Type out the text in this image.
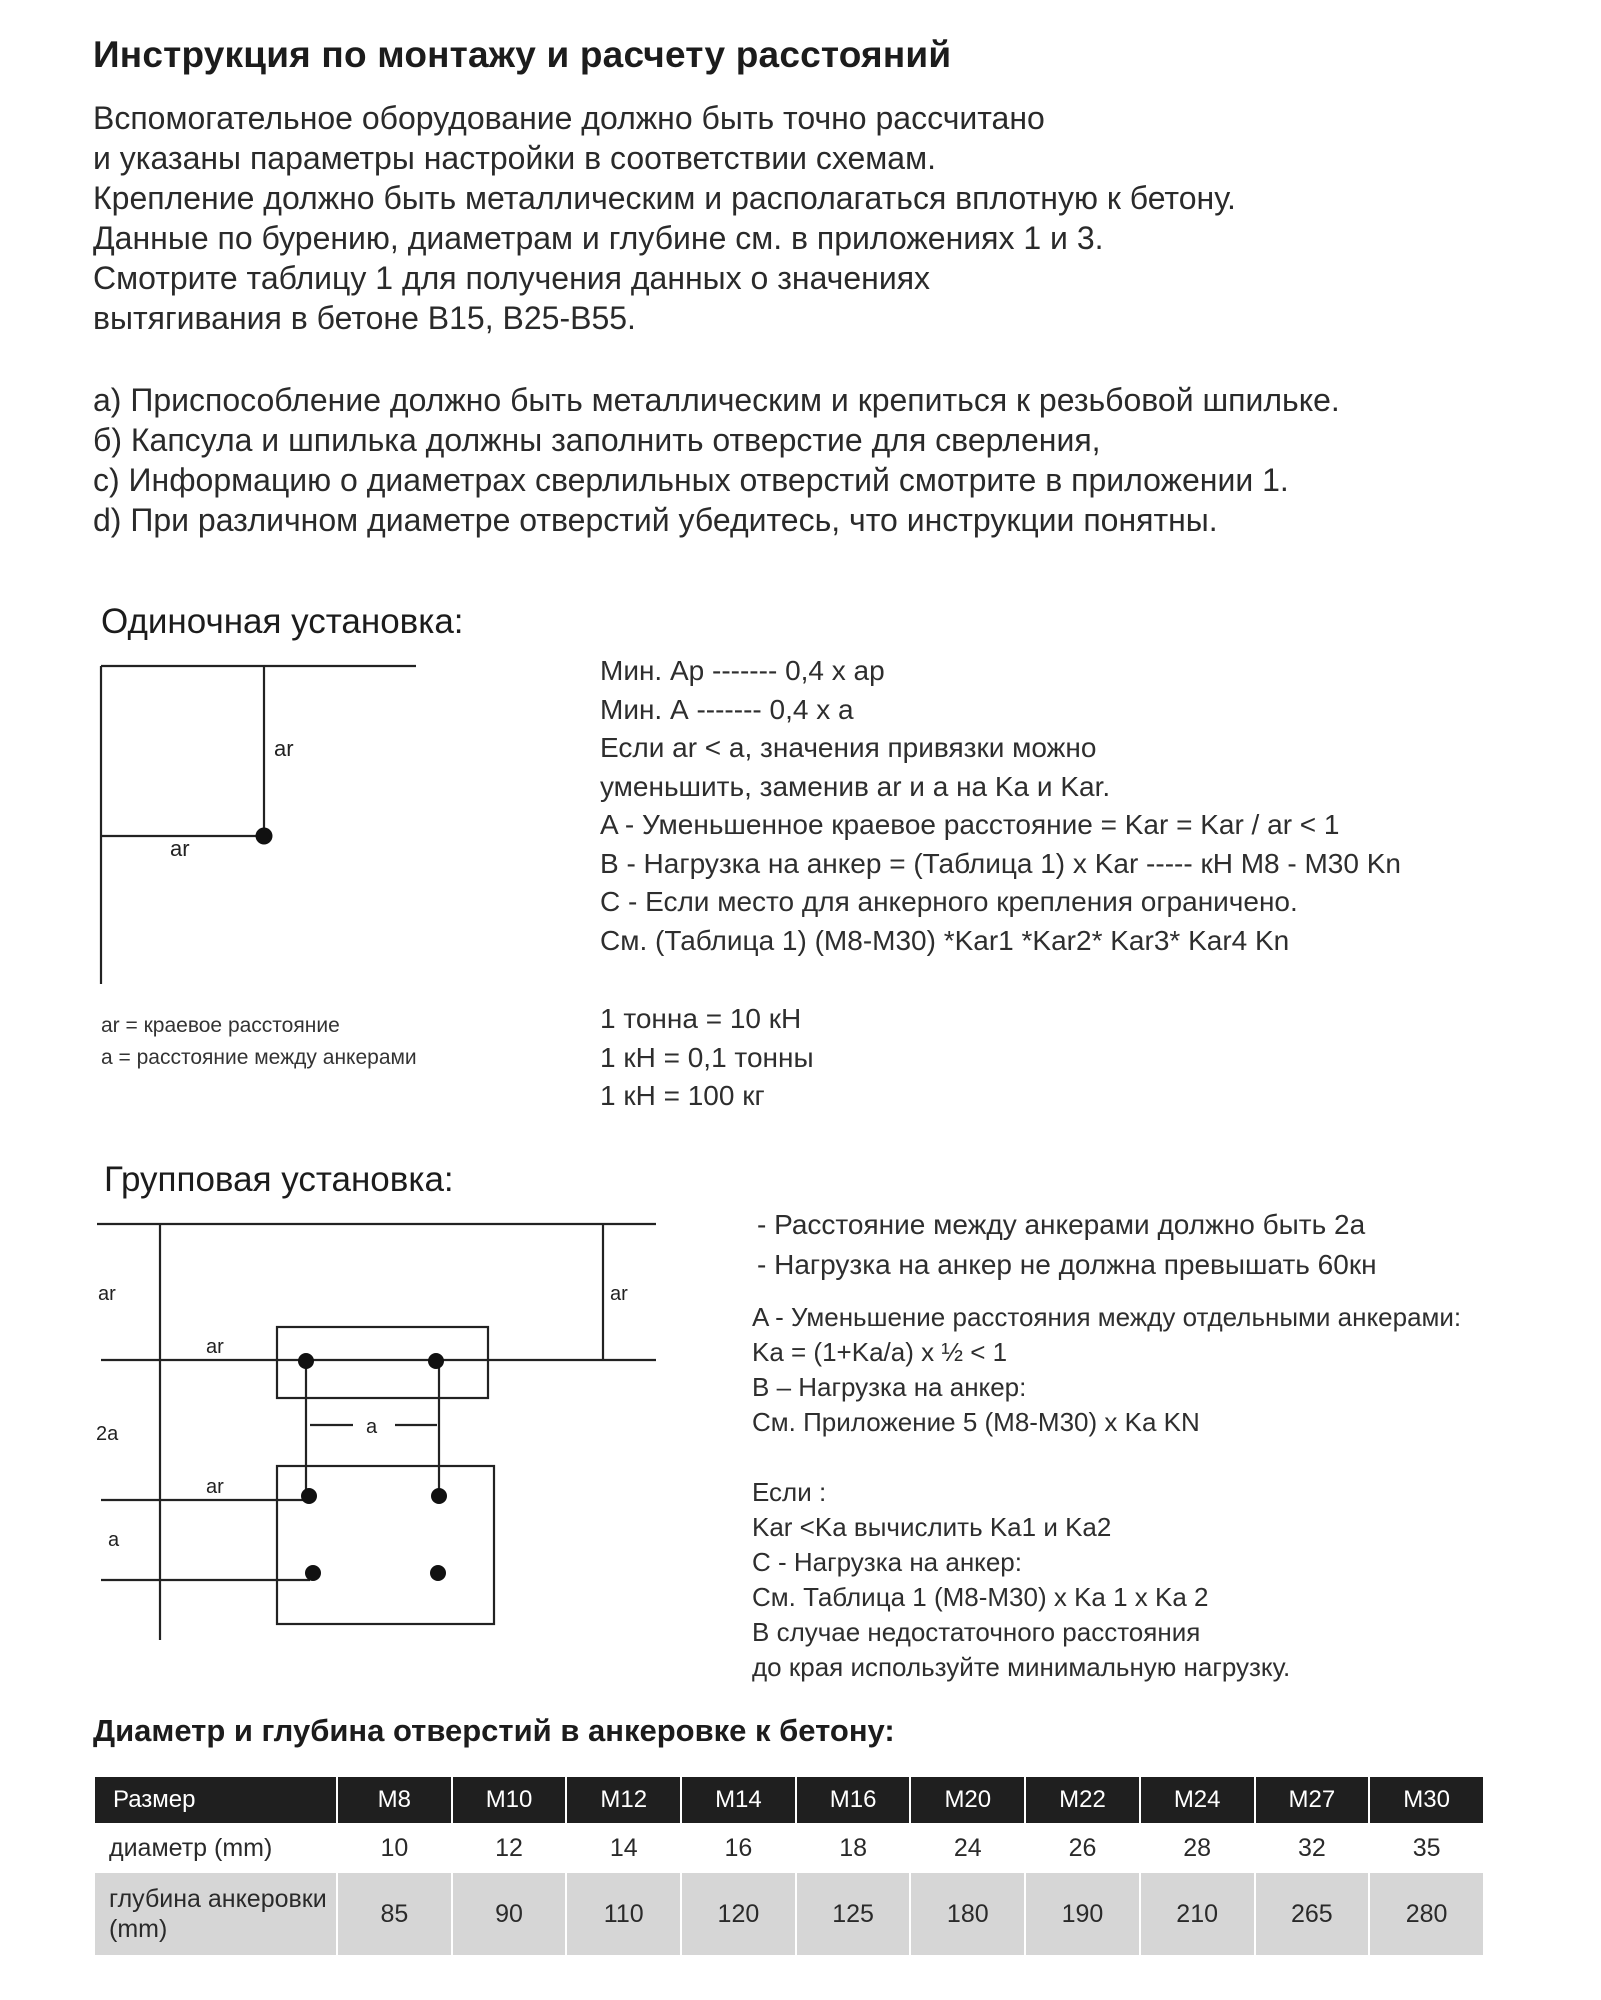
Инструкция по монтажу и расчету расстояний
Вспомогательное оборудование должно быть точно рассчитано
и указаны параметры настройки в соответствии схемам.
Крепление должно быть металлическим и располагаться вплотную к бетону.
Данные по бурению, диаметрам и глубине см. в приложениях 1 и 3.
Смотрите таблицу 1 для получения данных о значениях
вытягивания в бетоне B15, B25-B55.
a) Приспособление должно быть металлическим и крепиться к резьбовой шпильке.
б) Капсула и шпилька должны заполнить отверстие для сверления,
c) Информацию о диаметрах сверлильных отверстий смотрите в приложении 1.
d) При различном диаметре отверстий убедитесь, что инструкции понятны.
Одиночная установка:
ar
ar
ar = краевое расстояние
a = расстояние между анкерами
Мин. Ар ------- 0,4 x ap
Мин. А ------- 0,4 x a
Если ar < a, значения привязки можно
уменьшить, заменив ar и a на Ka и Kar.
A - Уменьшенное краевое расстояние = Kar = Kar / ar < 1
B - Нагрузка на анкер = (Таблица 1) x Kar ----- кН M8 - M30 Kn
C - Если место для анкерного крепления ограничено.
См. (Таблица 1) (M8-M30) *Kar1 *Kar2* Kar3* Kar4 Kn
1 тонна = 10 кН
1 кН = 0,1 тонны
1 кН = 100 кг
Групповая установка:
ar	ar
ar
2a	a
ar
a
- Расстояние между анкерами должно быть 2a
- Нагрузка на анкер не должна превышать 60кн
A - Уменьшение расстояния между отдельными анкерами:
Ka = (1+Ka/a) x ½ < 1
B – Нагрузка на анкер:
См. Приложение 5 (M8-M30) x Ka KN

Если :
Kar <Ka вычислить Ka1 и Ka2
C - Нагрузка на анкер:
См. Таблица 1 (M8-M30) x Ka 1 x Ka 2
В случае недостаточного расстояния
до края используйте минимальную нагрузку.
Диаметр и глубина отверстий в анкеровке к бетону:
Размер	M8	M10	M12	M14	M16	M20	M22	M24	M27	M30
диаметр (mm)	10	12	14	16	18	24	26	28	32	35
глубина анкеровки (mm)	85	90	110	120	125	180	190	210	265	280
